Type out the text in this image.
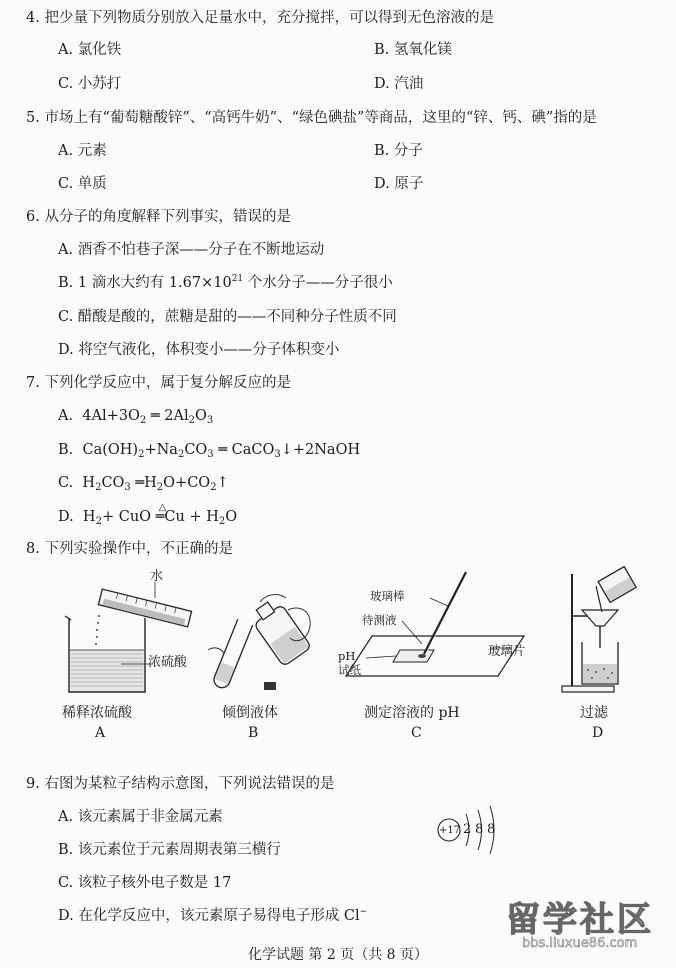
4. 把少量下列物质分别放入足量水中，充分搅拌，可以得到无色溶液的是
A. 氯化铁	B. 氢氧化镁
C. 小苏打	D. 汽油
5. 市场上有“葡萄糖酸锌”、“高钙牛奶”、“绿色碘盐”等商品，这里的“锌、钙、碘”指的是
A. 元素	B. 分子
C. 单质	D. 原子
6. 从分子的角度解释下列事实，错误的是
A. 酒香不怕巷子深——分子在不断地运动
B. 1 滴水大约有 $1.67\times 10^{21}$ 个水分子——分子很小
C. 醋酸是酸的，蔗糖是甜的——不同种分子性质不同
D. 将空气液化，体积变小——分子体积变小
7. 下列化学反应中，属于复分解反应的是
A.  $4Al+3O_2$ ═ $2Al_2O_3$
B.  $Ca(OH)_2+Na_2CO_3$ ═ CaCO$_3$↓+2NaOH
C.  $H_2CO_3$ $═H_2O+CO_2↑$
D.  $H_2+$ CuO
△
═Cu + $H_2O$
8. 下列实验操作中，不正确的是
水
浓硫酸
稀释浓硫酸
A
倾倒液体
B
玻璃棒
待测液
pH
试纸
玻璃片
测定溶液的 pH
C
过滤
D
9. 右图为某粒子结构示意图，下列说法错误的是
A. 该元素属于非金属元素
B. 该元素位于元素周期表第三横行
C. 该粒子核外电子数是 17
D. 在化学反应中，该元素原子易得电子形成 Cl−
+17 2 8 8
化学试题 第 2 页（共 8 页）
留学社区
bbs.liuxue86.com
